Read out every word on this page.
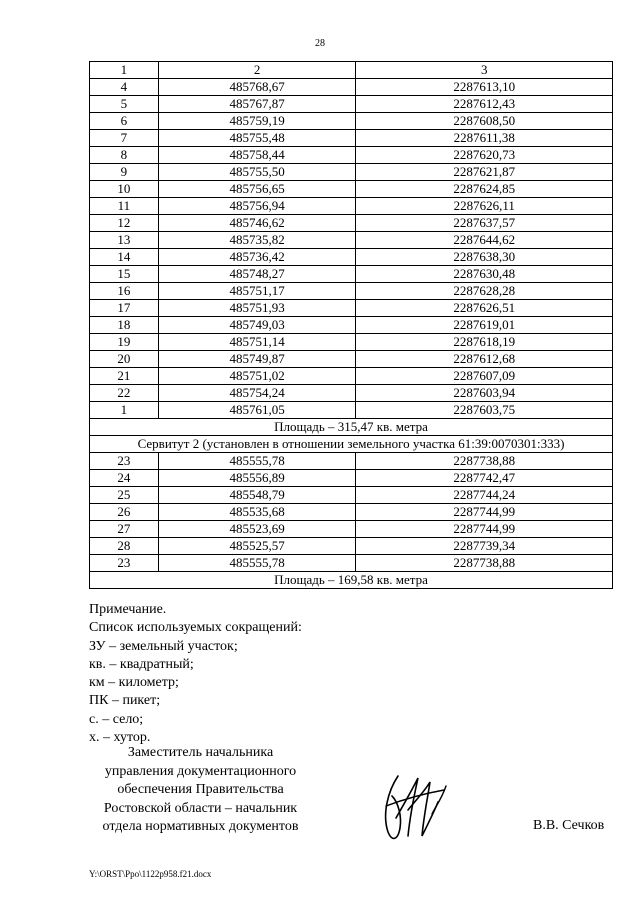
28
1	2	3
4	485768,67	2287613,10
5	485767,87	2287612,43
6	485759,19	2287608,50
7	485755,48	2287611,38
8	485758,44	2287620,73
9	485755,50	2287621,87
10	485756,65	2287624,85
11	485756,94	2287626,11
12	485746,62	2287637,57
13	485735,82	2287644,62
14	485736,42	2287638,30
15	485748,27	2287630,48
16	485751,17	2287628,28
17	485751,93	2287626,51
18	485749,03	2287619,01
19	485751,14	2287618,19
20	485749,87	2287612,68
21	485751,02	2287607,09
22	485754,24	2287603,94
1	485761,05	2287603,75
Площадь – 315,47 кв. метра		
Сервитут 2 (установлен в отношении земельного участка 61:39:0070301:333)		
23	485555,78	2287738,88
24	485556,89	2287742,47
25	485548,79	2287744,24
26	485535,68	2287744,99
27	485523,69	2287744,99
28	485525,57	2287739,34
23	485555,78	2287738,88
Площадь – 169,58 кв. метра		
Примечание.
Список используемых сокращений:
ЗУ – земельный участок;
кв. – квадратный;
км – километр;
ПК – пикет;
с. – село;
х. – хутор.
Заместитель начальника
управления документационного
обеспечения Правительства
Ростовской области – начальник
отдела нормативных документов	В.В. Сечков
Y:\ORST\Ppo\1122p958.f21.docx
